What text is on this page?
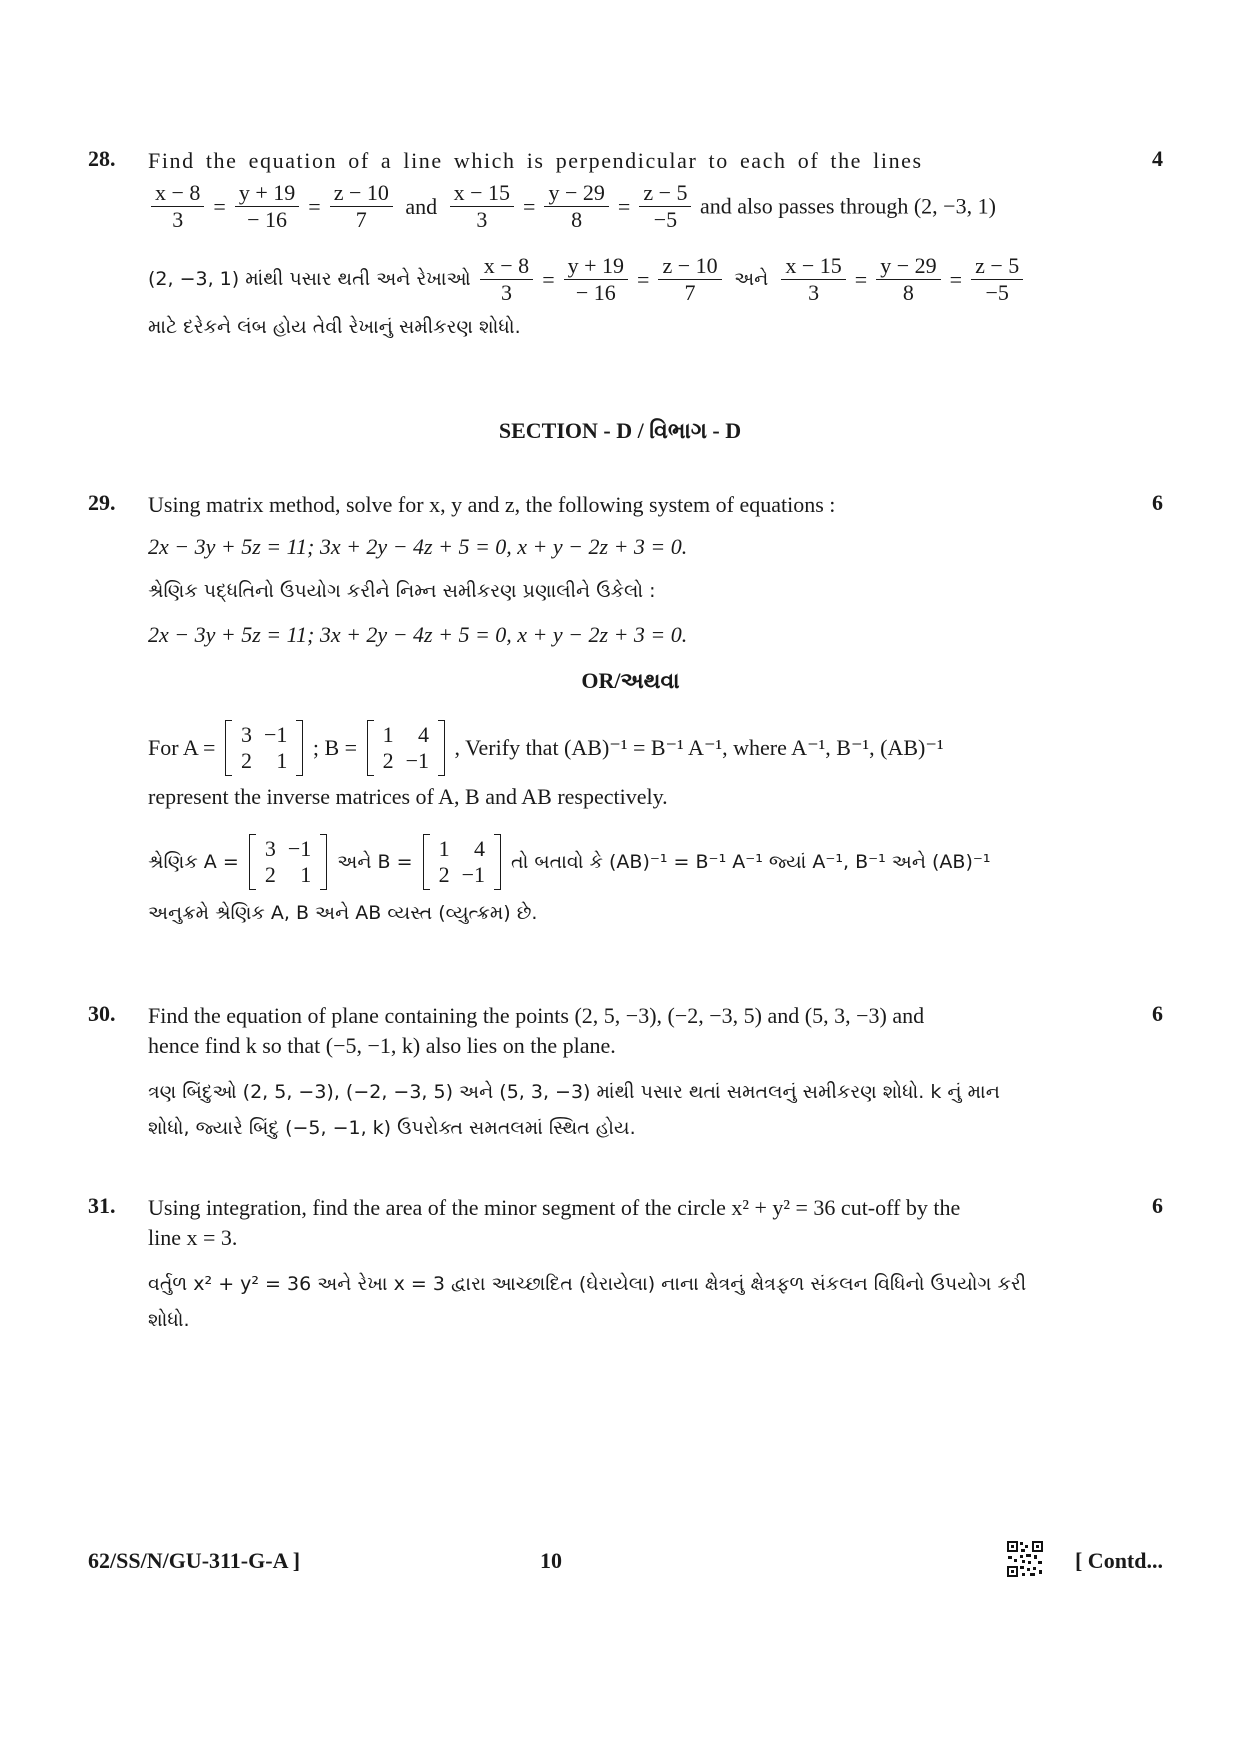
28.	4
Find the equation of a line which is perpendicular to each of the lines
$\frac{x - 8}{3} = \frac{y + 19}{- 16} = \frac{z - 10}{7}$ and $\frac{x - 15}{3} = \frac{y - 29}{8} = \frac{z - 5}{-5}$ and also passes through (2, −3, 1)
(2, −3, 1) માંથી પસાર થતી અને રેખાઓ $\frac{x - 8}{3} = \frac{y + 19}{- 16} = \frac{z - 10}{7}$ અને $\frac{x - 15}{3} = \frac{y - 29}{8} = \frac{z - 5}{-5}$
માટે દરેકને લંબ હોય તેવી રેખાનું સમીકરણ શોધો.
SECTION - D / વિભાગ - D
29.	6
Using matrix method, solve for x, y and z, the following system of equations :
2x − 3y + 5z = 11; 3x + 2y − 4z + 5 = 0, x + y − 2z + 3 = 0.
શ્રેણિક પદ્ધતિનો ઉપયોગ કરીને નિમ્ન સમીકરણ પ્રણાલીને ઉકેલો :
2x − 3y + 5z = 11; 3x + 2y − 4z + 5 = 0, x + y − 2z + 3 = 0.
OR/અથવા
For A =
3	−1
2	1
; B =
1	4
2	−1
, Verify that (AB)⁻¹ = B⁻¹ A⁻¹, where A⁻¹, B⁻¹, (AB)⁻¹
represent the inverse matrices of A, B and AB respectively.
શ્રેણિક A =
3	−1
2	1 અને B =
1	4
2	−1 તો બતાવો કે (AB)⁻¹ = B⁻¹ A⁻¹ જ્યાં A⁻¹, B⁻¹ અને (AB)⁻¹
અનુક્રમે શ્રેણિક A, B અને AB વ્યસ્ત (વ્યુત્ક્રમ) છે.
30.	6
Find the equation of plane containing the points (2, 5, −3), (−2, −3, 5) and (5, 3, −3) and
hence find k so that (−5, −1, k) also lies on the plane.
ત્રણ બિંદુઓ (2, 5, −3), (−2, −3, 5) અને (5, 3, −3) માંથી પસાર થતાં સમતલનું સમીકરણ શોધો. k નું માન
શોધો, જ્યારે બિંદુ (−5, −1, k) ઉપરોક્ત સમતલમાં સ્થિત હોય.
31.	6
Using integration, find the area of the minor segment of the circle x² + y² = 36 cut-off by the
line x = 3.
વર્તુળ x² + y² = 36 અને રેખા x = 3 દ્વારા આચ્છાદિત (ઘેરાયેલા) નાના ક્ષેત્રનું ક્ષેત્રફળ સંકલન વિધિનો ઉપયોગ કરી
શોધો.
62/SS/N/GU-311-G-A ]	10	[ Contd...
